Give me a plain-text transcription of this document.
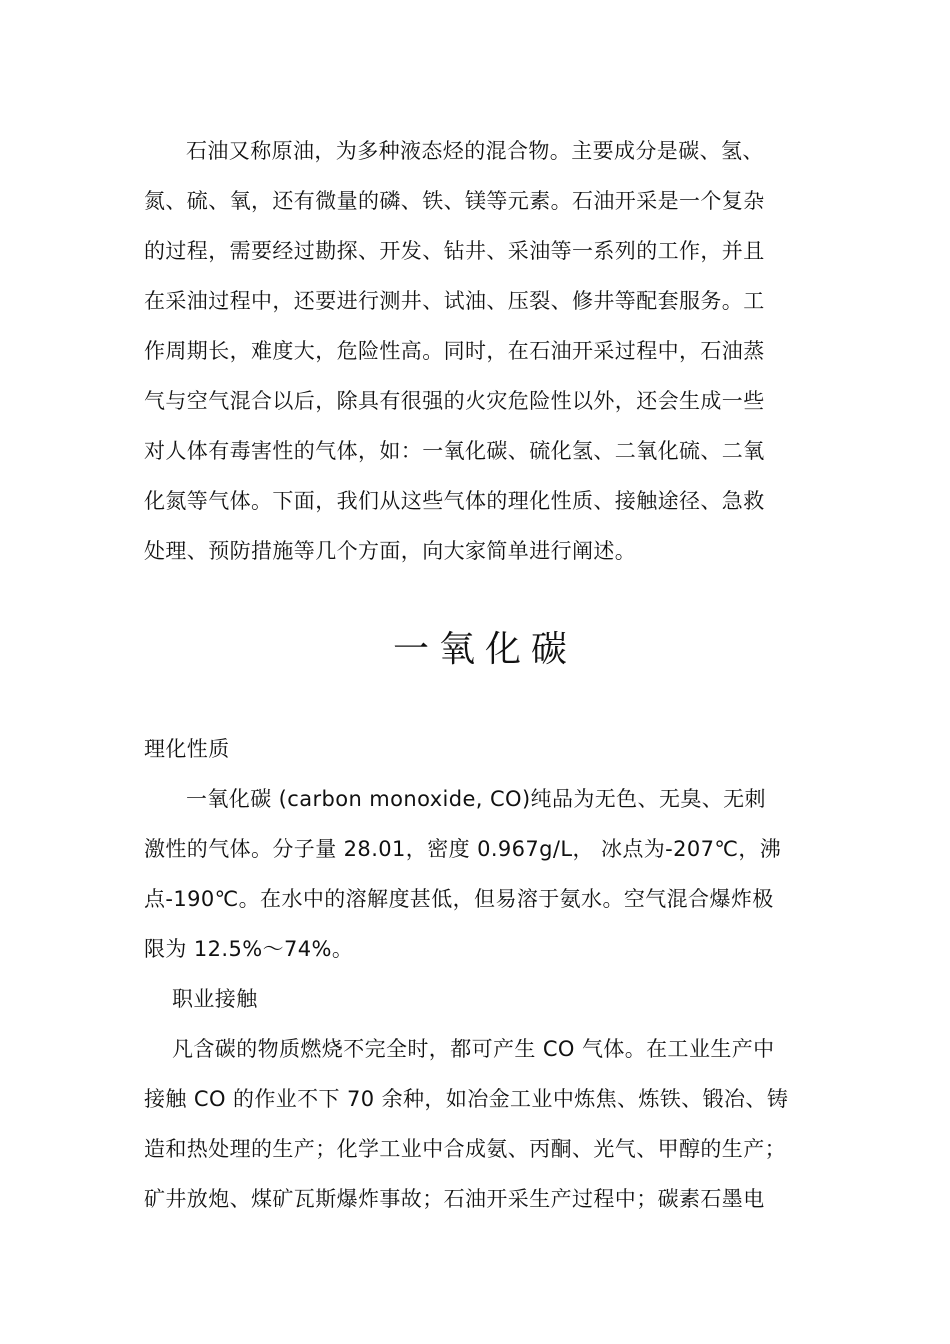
石油又称原油，为多种液态烃的混合物。主要成分是碳、氢、
氮、硫、氧，还有微量的磷、铁、镁等元素。石油开采是一个复杂
的过程，需要经过勘探、开发、钻井、采油等一系列的工作，并且
在采油过程中，还要进行测井、试油、压裂、修井等配套服务。工
作周期长，难度大，危险性高。同时，在石油开采过程中，石油蒸
气与空气混合以后，除具有很强的火灾危险性以外，还会生成一些
对人体有毒害性的气体，如：一氧化碳、硫化氢、二氧化硫、二氧
化氮等气体。下面，我们从这些气体的理化性质、接触途径、急救
处理、预防措施等几个方面，向大家简单进行阐述。
一氧化碳
理化性质
一氧化碳 (carbon monoxide, CO)纯品为无色、无臭、无刺
激性的气体。分子量 28.01，密度 0.967g/L， 冰点为-207℃，沸
点-190℃。在水中的溶解度甚低，但易溶于氨水。空气混合爆炸极
限为 12.5%～74%。
职业接触
凡含碳的物质燃烧不完全时，都可产生 CO 气体。在工业生产中
接触 CO 的作业不下 70 余种，如冶金工业中炼焦、炼铁、锻冶、铸
造和热处理的生产；化学工业中合成氨、丙酮、光气、甲醇的生产；
矿井放炮、煤矿瓦斯爆炸事故；石油开采生产过程中；碳素石墨电
